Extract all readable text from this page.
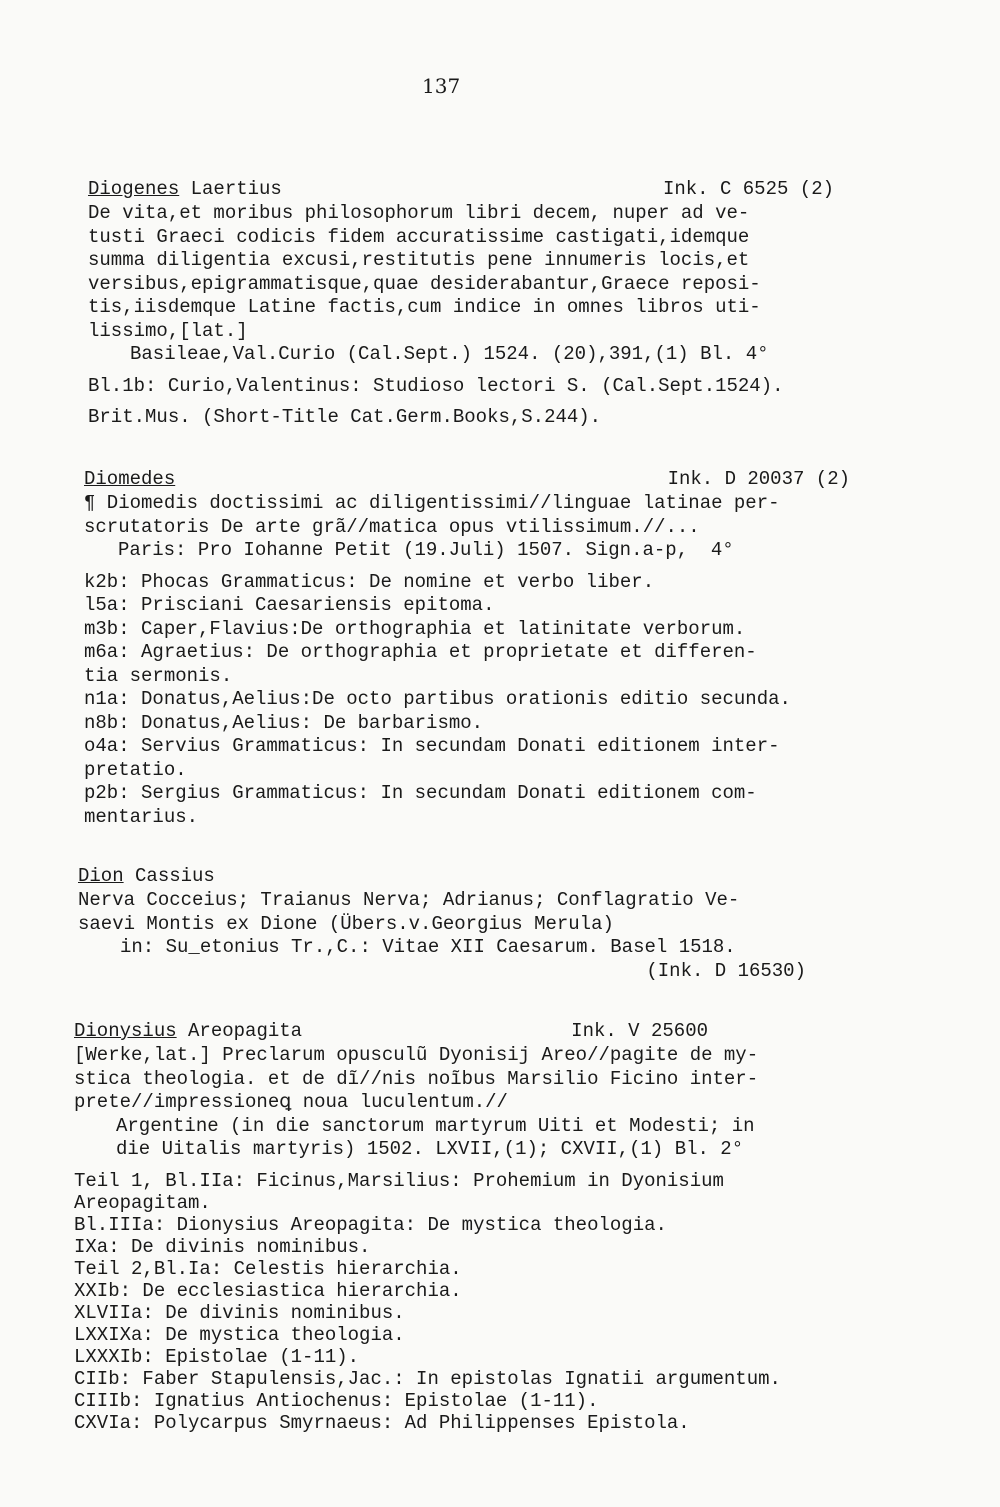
137
Diogenes Laertius	Ink. C 6525 (2)
De vita,et moribus philosophorum libri decem, nuper ad ve-
tusti Graeci codicis fidem accuratissime castigati,idemque
summa diligentia excusi,restitutis pene innumeris locis,et
versibus,epigrammatisque,quae desiderabantur,Graece reposi-
tis,iisdemque Latine factis,cum indice in omnes libros uti-
lissimo,[lat.]
Basileae,Val.Curio (Cal.Sept.) 1524. (20),391,(1) Bl. 4°
Bl.1b: Curio,Valentinus: Studioso lectori S. (Cal.Sept.1524).
Brit.Mus. (Short-Title Cat.Germ.Books,S.244).
Diomedes	Ink. D 20037 (2)
¶ Diomedis doctissimi ac diligentissimi//linguae latinae per-
scrutatoris De arte grã//matica opus vtilissimum.//...
Paris: Pro Iohanne Petit (19.Juli) 1507. Sign.a-p,  4°
k2b: Phocas Grammaticus: De nomine et verbo liber.
l5a: Prisciani Caesariensis epitoma.
m3b: Caper,Flavius:De orthographia et latinitate verborum.
m6a: Agraetius: De orthographia et proprietate et differen-
tia sermonis.
n1a: Donatus,Aelius:De octo partibus orationis editio secunda.
n8b: Donatus,Aelius: De barbarismo.
o4a: Servius Grammaticus: In secundam Donati editionem inter-
pretatio.
p2b: Sergius Grammaticus: In secundam Donati editionem com-
mentarius.
Dion Cassius
Nerva Cocceius; Traianus Nerva; Adrianus; Conflagratio Ve-
saevi Montis ex Dione (Übers.v.Georgius Merula)
in: Su_etonius Tr.,C.: Vitae XII Caesarum. Basel 1518.
(Ink. D 16530)
Dionysius Areopagita	Ink. V 25600
[Werke,lat.] Preclarum opusculũ Dyonisij Areo//pagite de my-
stica theologia. et de dĩ//nis noĩbus Marsilio Ficino inter-
prete//impressioneꝗ noua luculentum.//
Argentine (in die sanctorum martyrum Uiti et Modesti; in
die Uitalis martyris) 1502. LXVII,(1); CXVII,(1) Bl. 2°
Teil 1, Bl.IIa: Ficinus,Marsilius: Prohemium in Dyonisium
Areopagitam.
Bl.IIIa: Dionysius Areopagita: De mystica theologia.
IXa: De divinis nominibus.
Teil 2,Bl.Ia: Celestis hierarchia.
XXIb: De ecclesiastica hierarchia.
XLVIIa: De divinis nominibus.
LXXIXa: De mystica theologia.
LXXXIb: Epistolae (1-11).
CIIb: Faber Stapulensis,Jac.: In epistolas Ignatii argumentum.
CIIIb: Ignatius Antiochenus: Epistolae (1-11).
CXVIa: Polycarpus Smyrnaeus: Ad Philippenses Epistola.
